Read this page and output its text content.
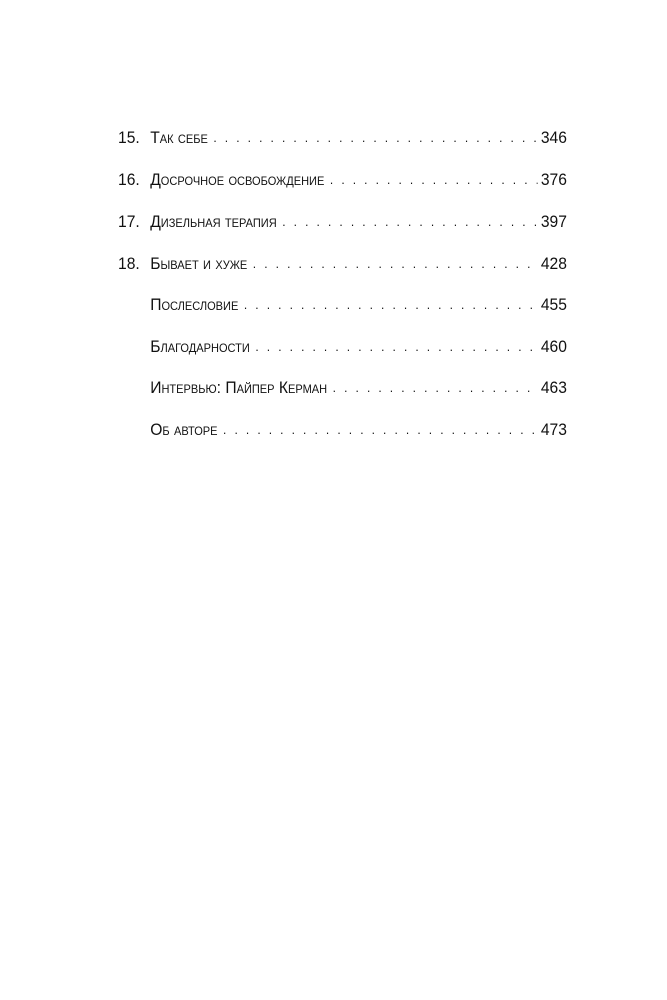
15. Так себе . . .	346
16. Досрочное освобождение . . .	376
17. Дизельная терапия . . .	397
18. Бывает и хуже . . .	428
Послесловие . . .	455
Благодарности . . .	460
Интервью: Пайпер Керман . . .	463
Об авторе . . .	473
